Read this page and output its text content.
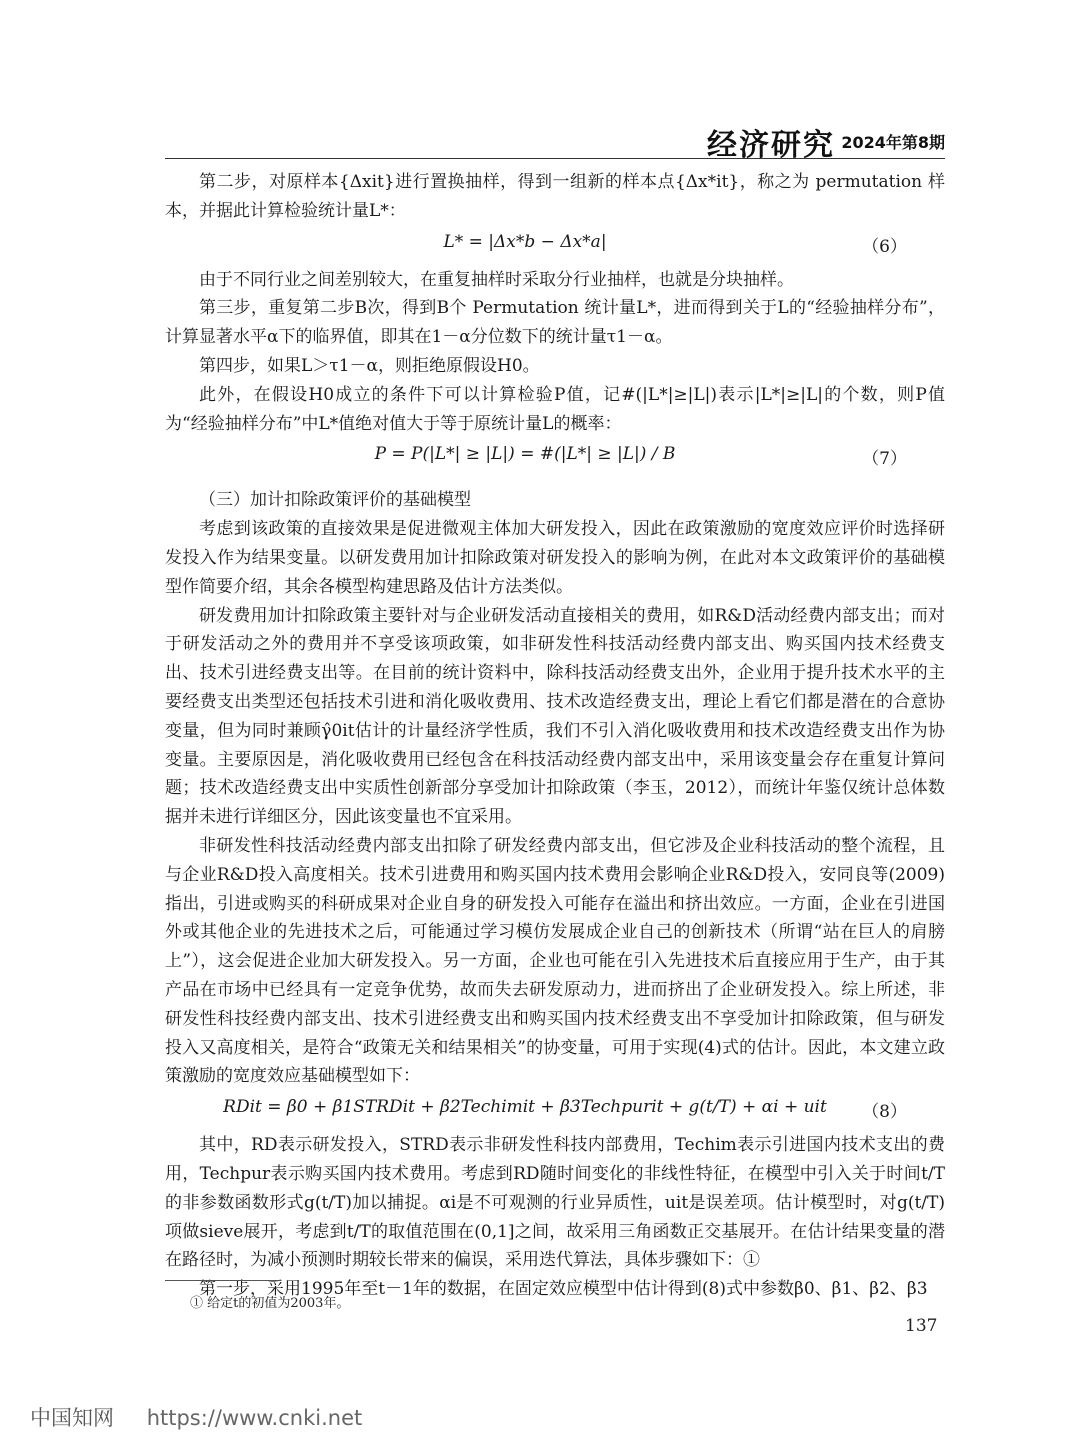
经济研究 2024年第8期

第二步，对原样本{Δxit}进行置换抽样，得到一组新的样本点{Δx*it}，称之为 permutation 样本，并据此计算检验统计量L*：

L* = |Δx*b − Δx*a|	（6）

由于不同行业之间差别较大，在重复抽样时采取分行业抽样，也就是分块抽样。

第三步，重复第二步B次，得到B个 Permutation 统计量L*，进而得到关于L的“经验抽样分布”，计算显著水平α下的临界值，即其在1－α分位数下的统计量τ1－α。

第四步，如果L＞τ1－α，则拒绝原假设H0。

此外，在假设H0成立的条件下可以计算检验P值，记#(|L*|≥|L|)表示|L*|≥|L|的个数，则P值为“经验抽样分布”中L*值绝对值大于等于原统计量L的概率：

P = P(|L*| ≥ |L|) = #(|L*| ≥ |L|) / B	（7）

（三）加计扣除政策评价的基础模型

考虑到该政策的直接效果是促进微观主体加大研发投入，因此在政策激励的宽度效应评价时选择研发投入作为结果变量。以研发费用加计扣除政策对研发投入的影响为例，在此对本文政策评价的基础模型作简要介绍，其余各模型构建思路及估计方法类似。

研发费用加计扣除政策主要针对与企业研发活动直接相关的费用，如R&D活动经费内部支出；而对于研发活动之外的费用并不享受该项政策，如非研发性科技活动经费内部支出、购买国内技术经费支出、技术引进经费支出等。在目前的统计资料中，除科技活动经费支出外，企业用于提升技术水平的主要经费支出类型还包括技术引进和消化吸收费用、技术改造经费支出，理论上看它们都是潜在的合意协变量，但为同时兼顾γ̂0it估计的计量经济学性质，我们不引入消化吸收费用和技术改造经费支出作为协变量。主要原因是，消化吸收费用已经包含在科技活动经费内部支出中，采用该变量会存在重复计算问题；技术改造经费支出中实质性创新部分享受加计扣除政策（李玉，2012），而统计年鉴仅统计总体数据并未进行详细区分，因此该变量也不宜采用。

非研发性科技活动经费内部支出扣除了研发经费内部支出，但它涉及企业科技活动的整个流程，且与企业R&D投入高度相关。技术引进费用和购买国内技术费用会影响企业R&D投入，安同良等(2009)指出，引进或购买的科研成果对企业自身的研发投入可能存在溢出和挤出效应。一方面，企业在引进国外或其他企业的先进技术之后，可能通过学习模仿发展成企业自己的创新技术（所谓“站在巨人的肩膀上”），这会促进企业加大研发投入。另一方面，企业也可能在引入先进技术后直接应用于生产，由于其产品在市场中已经具有一定竞争优势，故而失去研发原动力，进而挤出了企业研发投入。综上所述，非研发性科技经费内部支出、技术引进经费支出和购买国内技术经费支出不享受加计扣除政策，但与研发投入又高度相关，是符合“政策无关和结果相关”的协变量，可用于实现(4)式的估计。因此，本文建立政策激励的宽度效应基础模型如下：

RDit = β0 + β1STRDit + β2Techimit + β3Techpurit + g(t/T) + αi + uit	（8）

其中，RD表示研发投入，STRD表示非研发性科技内部费用，Techim表示引进国内技术支出的费用，Techpur表示购买国内技术费用。考虑到RD随时间变化的非线性特征，在模型中引入关于时间t/T的非参数函数形式g(t/T)加以捕捉。αi是不可观测的行业异质性，uit是误差项。估计模型时，对g(t/T)项做sieve展开，考虑到t/T的取值范围在(0,1]之间，故采用三角函数正交基展开。在估计结果变量的潜在路径时，为减小预测时期较长带来的偏误，采用迭代算法，具体步骤如下：①

第一步，采用1995年至t－1年的数据，在固定效应模型中估计得到(8)式中参数β0、β1、β2、β3

① 给定t的初值为2003年。
137
中国知网 https://www.cnki.net
